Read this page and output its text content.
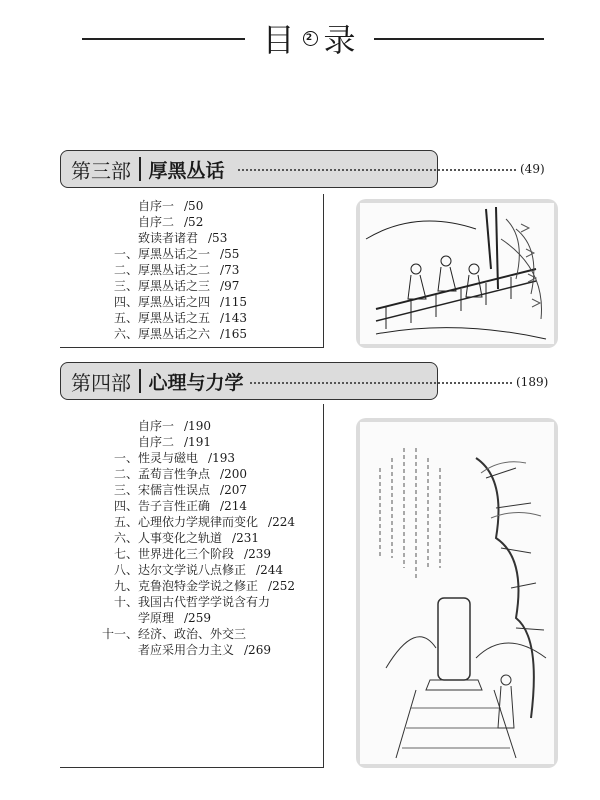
目	2 录
第三部 厚黑丛话	(49)
自序一 /50
自序二 /52
致读者诸君 /53
一、厚黑丛话之一 /55
二、厚黑丛话之二 /73
三、厚黑丛话之三 /97
四、厚黑丛话之四 /115
五、厚黑丛话之五 /143
六、厚黑丛话之六 /165
第四部 心理与力学	(189)
自序一 /190
自序二 /191
一、性灵与磁电 /193
二、孟荀言性争点 /200
三、宋儒言性误点 /207
四、告子言性正确 /214
五、心理依力学规律而变化 /224
六、人事变化之轨道 /231
七、世界进化三个阶段 /239
八、达尔文学说八点修正 /244
九、克鲁泡特金学说之修正 /252
十、我国古代哲学学说含有力
学原理 /259
十一、经济、政治、外交三
者应采用合力主义 /269
